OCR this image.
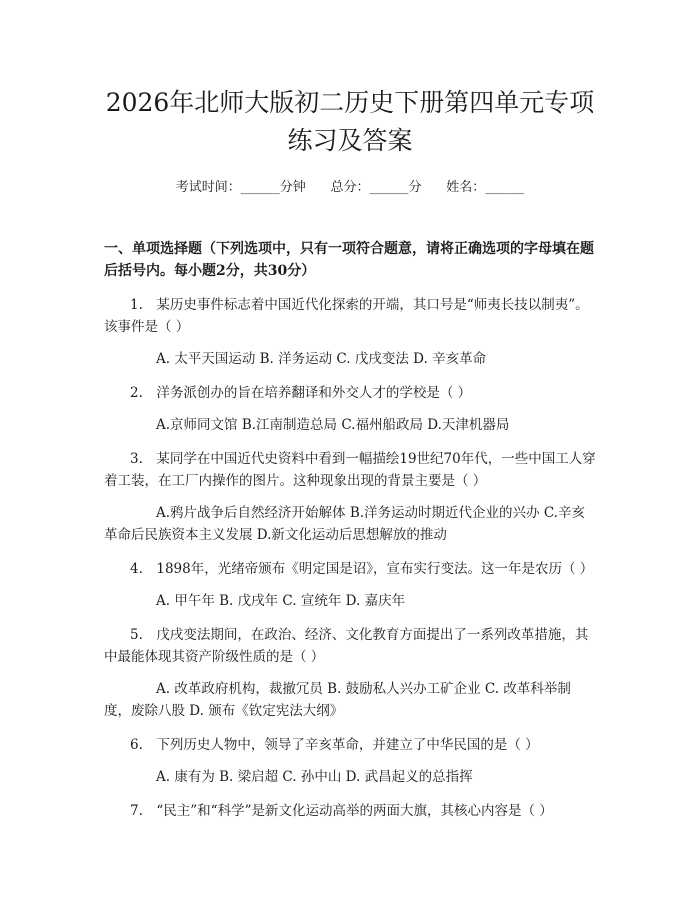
2026年北师大版初二历史下册第四单元专项
练习及答案
考试时间：______分钟      总分：______分      姓名：______
一、单项选择题（下列选项中，只有一项符合题意，请将正确选项的字母填在题后括号内。每小题2分，共30分）
1.　某历史事件标志着中国近代化探索的开端，其口号是“师夷长技以制夷”。该事件是（ ）
A. 太平天国运动 B. 洋务运动 C. 戊戌变法 D. 辛亥革命
2.　洋务派创办的旨在培养翻译和外交人才的学校是（ ）
A.京师同文馆 B.江南制造总局 C.福州船政局 D.天津机器局
3.　某同学在中国近代史资料中看到一幅描绘19世纪70年代，一些中国工人穿着工装，在工厂内操作的图片。这种现象出现的背景主要是（ ）
A.鸦片战争后自然经济开始解体 B.洋务运动时期近代企业的兴办 C.辛亥革命后民族资本主义发展 D.新文化运动后思想解放的推动
4.　1898年，光绪帝颁布《明定国是诏》，宣布实行变法。这一年是农历（ ）
A. 甲午年 B. 戊戌年 C. 宣统年 D. 嘉庆年
5.　戊戌变法期间，在政治、经济、文化教育方面提出了一系列改革措施，其中最能体现其资产阶级性质的是（ ）
A. 改革政府机构，裁撤冗员 B. 鼓励私人兴办工矿企业 C. 改革科举制度，废除八股 D. 颁布《钦定宪法大纲》
6.　下列历史人物中，领导了辛亥革命，并建立了中华民国的是（ ）
A. 康有为 B. 梁启超 C. 孙中山 D. 武昌起义的总指挥
7.　“民主”和“科学”是新文化运动高举的两面大旗，其核心内容是（ ）
